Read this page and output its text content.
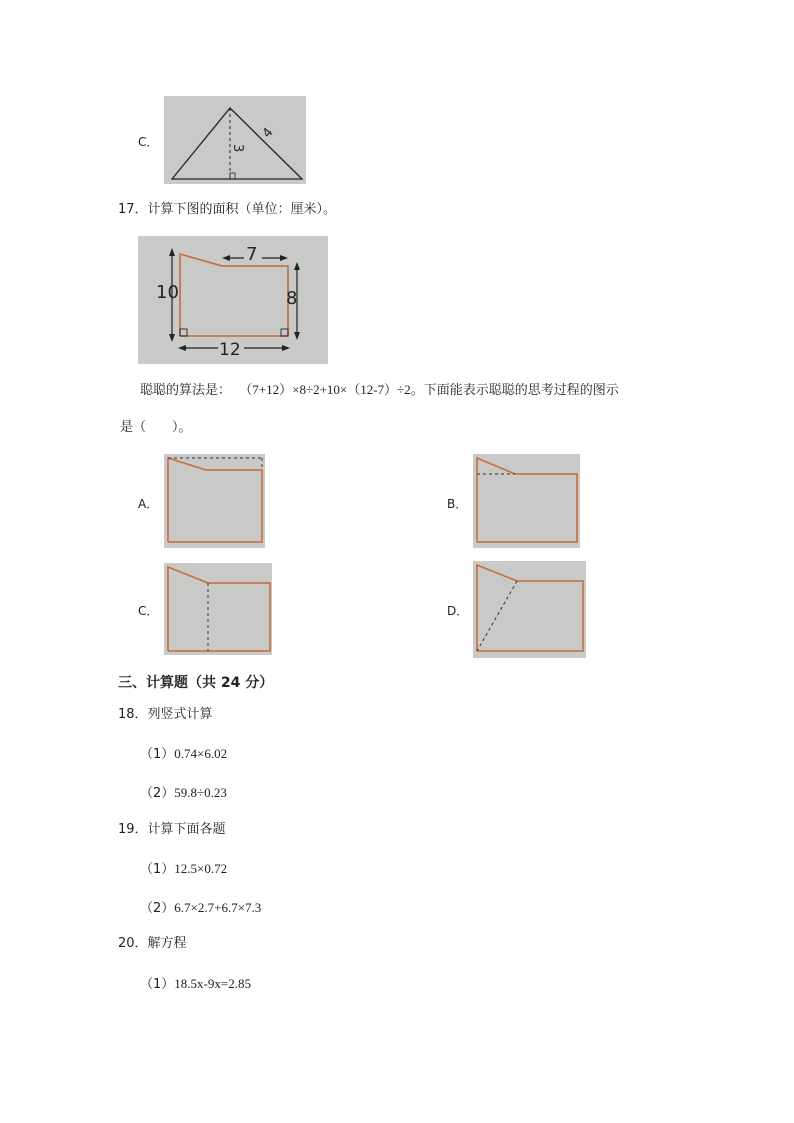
C．	3
4
17．计算下图的面积（单位：厘米）。
10	8
7
12
聪聪的算法是： （7+12）×8÷2+10×（12-7）÷2。下面能表示聪聪的思考过程的图示
是（　　）。
A．	B．
C．	D．
三、计算题（共 24 分）
18．列竖式计算
（1）0.74×6.02
（2）59.8÷0.23
19．计算下面各题
（1）12.5×0.72
（2）6.7×2.7+6.7×7.3
20．解方程
（1）18.5x-9x=2.85
